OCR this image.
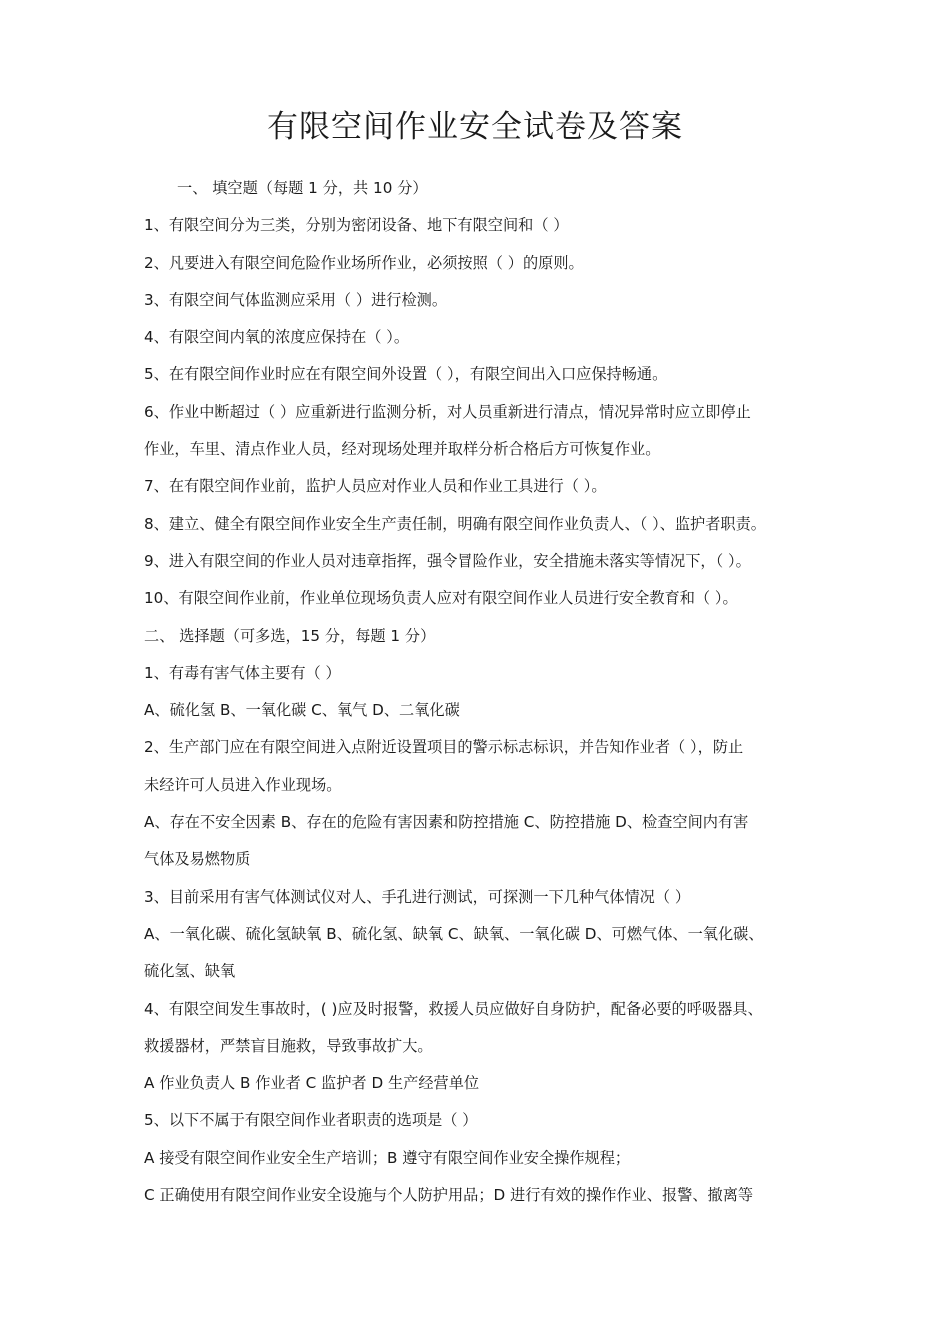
有限空间作业安全试卷及答案
一、 填空题（每题 1 分，共 10 分）
1、有限空间分为三类，分别为密闭设备、地下有限空间和（ ）
2、凡要进入有限空间危险作业场所作业，必须按照（ ）的原则。
3、有限空间气体监测应采用（ ）进行检测。
4、有限空间内氧的浓度应保持在（ ）。
5、在有限空间作业时应在有限空间外设置（ ），有限空间出入口应保持畅通。
6、作业中断超过（ ）应重新进行监测分析，对人员重新进行清点，情况异常时应立即停止
作业，车里、清点作业人员，经对现场处理并取样分析合格后方可恢复作业。
7、在有限空间作业前，监护人员应对作业人员和作业工具进行（ ）。
8、建立、健全有限空间作业安全生产责任制，明确有限空间作业负责人、（ ）、监护者职责。
9、进入有限空间的作业人员对违章指挥，强令冒险作业，安全措施未落实等情况下，（ ）。
10、有限空间作业前，作业单位现场负责人应对有限空间作业人员进行安全教育和（ ）。
二、 选择题（可多选，15 分，每题 1 分）
1、有毒有害气体主要有（ ）
A、硫化氢 B、一氧化碳 C、氧气 D、二氧化碳
2、生产部门应在有限空间进入点附近设置项目的警示标志标识，并告知作业者（ ），防止
未经许可人员进入作业现场。
A、存在不安全因素 B、存在的危险有害因素和防控措施 C、防控措施 D、检查空间内有害
气体及易燃物质
3、目前采用有害气体测试仪对人、手孔进行测试，可探测一下几种气体情况（ ）
A、一氧化碳、硫化氢缺氧 B、硫化氢、缺氧 C、缺氧、一氧化碳 D、可燃气体、一氧化碳、
硫化氢、缺氧
4、有限空间发生事故时，( )应及时报警，救援人员应做好自身防护，配备必要的呼吸器具、
救援器材，严禁盲目施救，导致事故扩大。
A 作业负责人 B 作业者 C 监护者 D 生产经营单位
5、以下不属于有限空间作业者职责的选项是（ ）
A 接受有限空间作业安全生产培训；B 遵守有限空间作业安全操作规程；
C 正确使用有限空间作业安全设施与个人防护用品；D 进行有效的操作作业、报警、撤离等
